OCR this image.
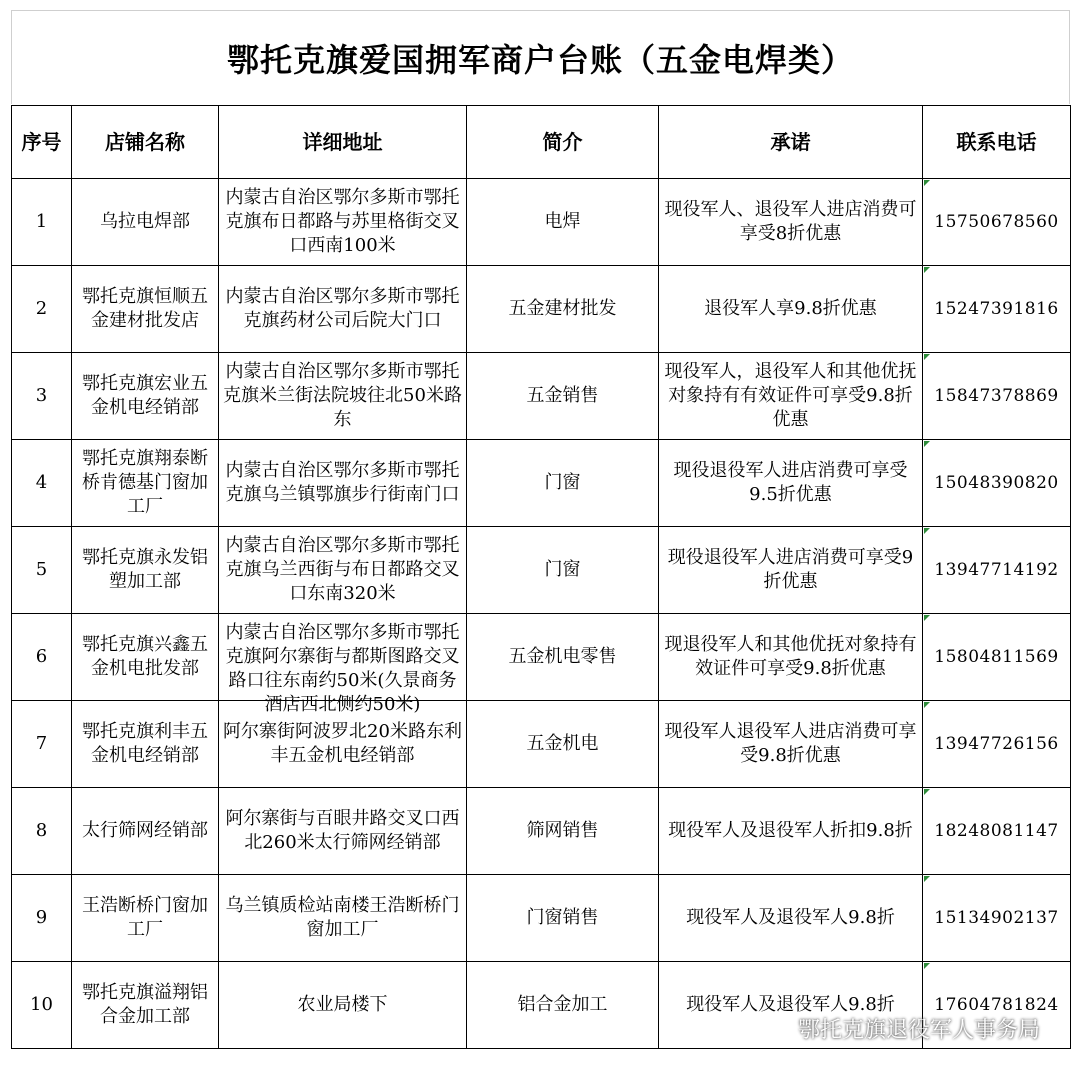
鄂托克旗爱国拥军商户台账（五金电焊类）
序号	店铺名称	详细地址	简介	承诺	联系电话

1	乌拉电焊部	内蒙古自治区鄂尔多斯市鄂托克旗布日都路与苏里格街交叉口西南100米	电焊	现役军人、退役军人进店消费可享受8折优惠	15750678560

2	鄂托克旗恒顺五金建材批发店	内蒙古自治区鄂尔多斯市鄂托克旗药材公司后院大门口	五金建材批发	退役军人享9.8折优惠	15247391816

3	鄂托克旗宏业五金机电经销部	内蒙古自治区鄂尔多斯市鄂托克旗米兰街法院坡往北50米路东	五金销售	现役军人，退役军人和其他优抚对象持有有效证件可享受9.8折优惠	15847378869

4	鄂托克旗翔泰断桥肯德基门窗加工厂	内蒙古自治区鄂尔多斯市鄂托克旗乌兰镇鄂旗步行街南门口	门窗	现役退役军人进店消费可享受9.5折优惠	15048390820

5	鄂托克旗永发铝塑加工部	内蒙古自治区鄂尔多斯市鄂托克旗乌兰西街与布日都路交叉口东南320米	门窗	现役退役军人进店消费可享受9折优惠	13947714192

6	鄂托克旗兴鑫五金机电批发部	内蒙古自治区鄂尔多斯市鄂托克旗阿尔寨街与都斯图路交叉路口往东南约50米(久景商务酒店西北侧约50米)	五金机电零售	现退役军人和其他优抚对象持有效证件可享受9.8折优惠	15804811569

7	鄂托克旗利丰五金机电经销部	阿尔寨街阿波罗北20米路东利丰五金机电经销部	五金机电	现役军人退役军人进店消费可享受9.8折优惠	13947726156

8	太行筛网经销部	阿尔寨街与百眼井路交叉口西北260米太行筛网经销部	筛网销售	现役军人及退役军人折扣9.8折	18248081147

9	王浩断桥门窗加工厂	乌兰镇质检站南楼王浩断桥门窗加工厂	门窗销售	现役军人及退役军人9.8折	15134902137

10	鄂托克旗溢翔铝合金加工部	农业局楼下	铝合金加工	现役军人及退役军人9.8折	17604781824
鄂托克旗退役军人事务局
